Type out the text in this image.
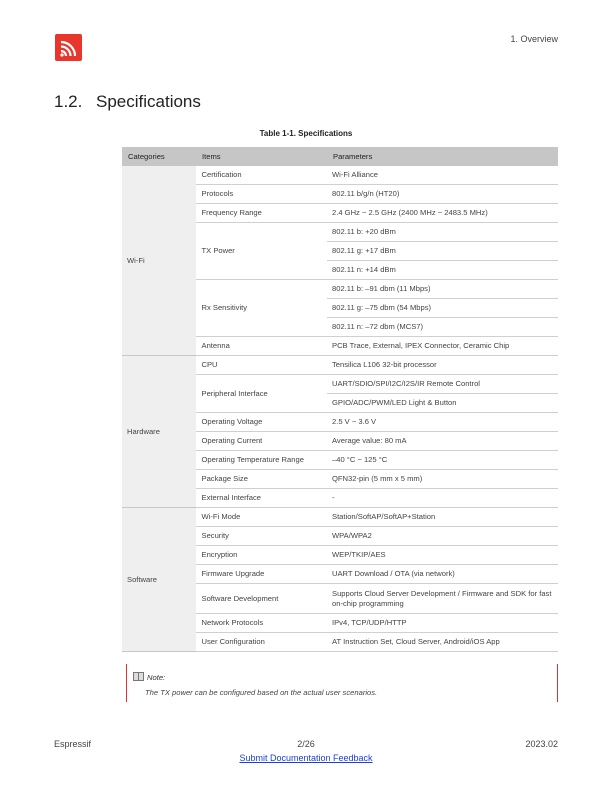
1. Overview
1.2. Specifications
Table 1-1. Specifications
Categories	Items	Parameters
Wi-Fi	Certification	Wi-Fi Alliance
	Protocols	802.11 b/g/n (HT20)
	Frequency Range	2.4 GHz ~ 2.5 GHz (2400 MHz ~ 2483.5 MHz)
	TX Power	802.11 b: +20 dBm
		802.11 g: +17 dBm
		802.11 n: +14 dBm
	Rx Sensitivity	802.11 b: –91 dbm (11 Mbps)
		802.11 g: –75 dbm (54 Mbps)
		802.11 n: –72 dbm (MCS7)
	Antenna	PCB Trace, External, IPEX Connector, Ceramic Chip
Hardware	CPU	Tensilica L106 32-bit processor
	Peripheral Interface	UART/SDIO/SPI/I2C/I2S/IR Remote Control
		GPIO/ADC/PWM/LED Light & Button
	Operating Voltage	2.5 V ~ 3.6 V
	Operating Current	Average value: 80 mA
	Operating Temperature Range	–40 °C ~ 125 °C
	Package Size	QFN32-pin (5 mm x 5 mm)
	External Interface	-
Software	Wi-Fi Mode	Station/SoftAP/SoftAP+Station
	Security	WPA/WPA2
	Encryption	WEP/TKIP/AES
	Firmware Upgrade	UART Download / OTA (via network)
	Software Development	Supports Cloud Server Development / Firmware and SDK for fast on-chip programming
	Network Protocols	IPv4, TCP/UDP/HTTP
	User Configuration	AT Instruction Set, Cloud Server, Android/iOS App
Note:
The TX power can be configured based on the actual user scenarios.
Espressif	2/26	2023.02
Submit Documentation Feedback
